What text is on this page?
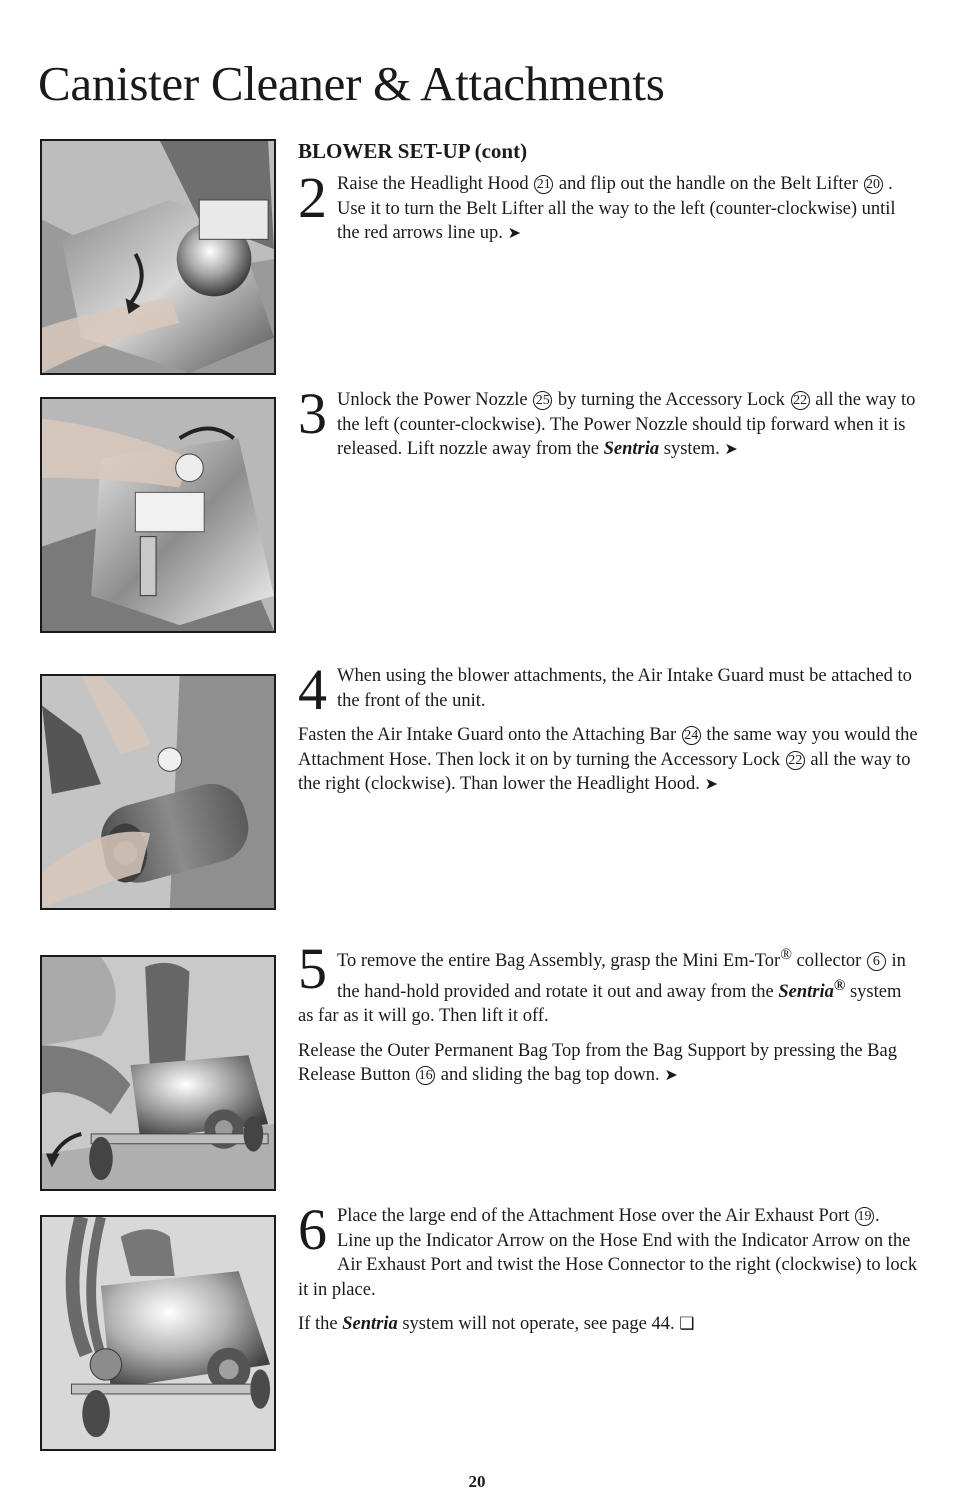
Canister Cleaner & Attachments
BLOWER SET-UP (cont)
2 Raise the Headlight Hood 21 and flip out the handle on the Belt Lifter 20 . Use it to turn the Belt Lifter all the way to the left (counter-clockwise) until the red arrows line up. ➤

3 Unlock the Power Nozzle 25 by turning the Accessory Lock 22 all the way to the left (counter-clockwise). The Power Nozzle should tip forward when it is released. Lift nozzle away from the Sentria system. ➤

4 When using the blower attachments, the Air Intake Guard must be attached to the front of the unit.

Fasten the Air Intake Guard onto the Attaching Bar 24 the same way you would the Attachment Hose. Then lock it on by turning the Accessory Lock 22 all the way to the right (clockwise). Than lower the Headlight Hood. ➤

5 To remove the entire Bag Assembly, grasp the Mini Em-Tor® collector 6 in the hand-hold provided and rotate it out and away from the Sentria® system as far as it will go. Then lift it off.

Release the Outer Permanent Bag Top from the Bag Support by pressing the Bag Release Button 16 and sliding the bag top down. ➤

6 Place the large end of the Attachment Hose over the Air Exhaust Port 19 . Line up the Indicator Arrow on the Hose End with the Indicator Arrow on the Air Exhaust Port and twist the Hose Connector to the right (clockwise) to lock it in place.

If the Sentria system will not operate, see page 44. ❑

20
